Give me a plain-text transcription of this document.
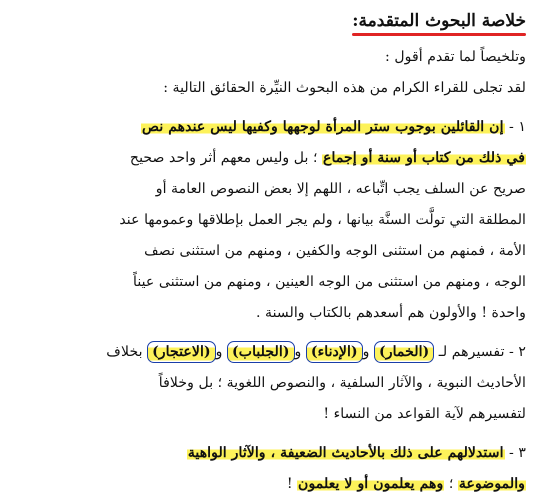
خلاصة البحوث المتقدمة:

وتلخيصاً لما تقدم أقول :

لقد تجلى للقراء الكرام من هذه البحوث النيِّرة الحقائق التالية :

١ - إن القائلين بوجوب ستر المرأة لوجهها وكفيها ليس عندهم نص

في ذلك من كتاب أو سنة أو إجماع ؛ بل وليس معهم أثر واحد صحيح

صريح عن السلف يجب اتِّباعه ، اللهم إلا بعض النصوص العامة أو

المطلقة التي تولَّت السنَّة بيانها ، ولم يجر العمل بإطلاقها وعمومها عند

الأمة ، فمنهم من استثنى الوجه والكفين ، ومنهم من استثنى نصف

الوجه ، ومنهم من استثنى من الوجه العينين ، ومنهم من استثنى عيناً

واحدة ! والأولون هم أسعدهم بالكتاب والسنة .

٢ - تفسيرهم لـ (الخمار) و(الإدناء) و(الجلباب) و(الاعتجار) بخلاف

الأحاديث النبوية ، والآثار السلفية ، والنصوص اللغوية ؛ بل وخلافاً

لتفسيرهم لآية القواعد من النساء !

٣ - استدلالهم على ذلك بالأحاديث الضعيفة ، والآثار الواهية

والموضوعة ؛ وهم يعلمون أو لا يعلمون !
